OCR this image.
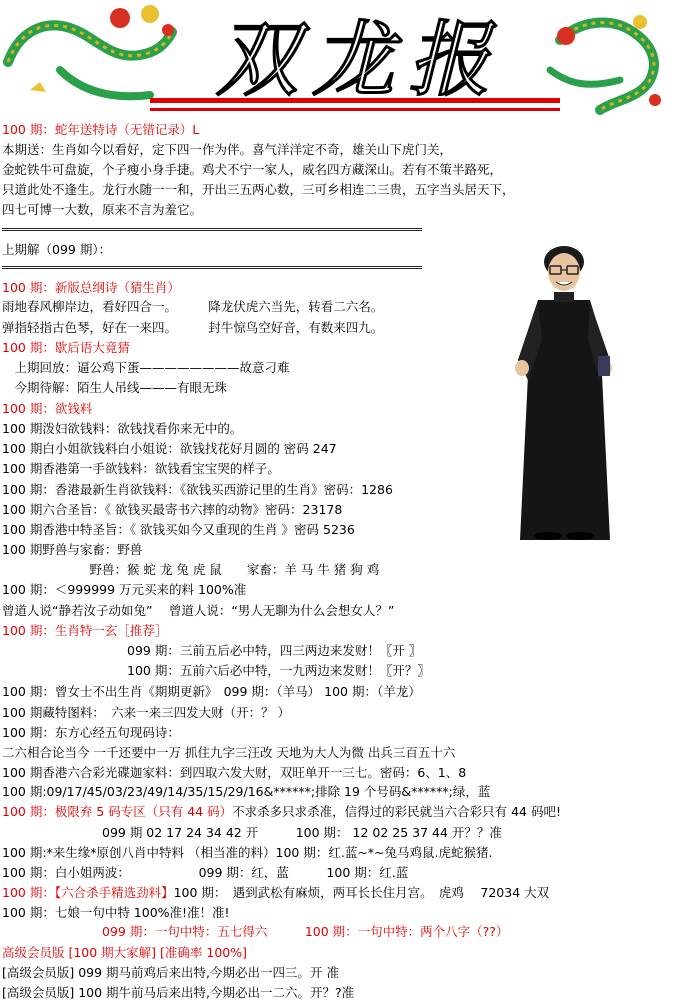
双龙报
100 期：蛇年送特诗（无错记录）L
本期送：生肖如今以看好，定下四一作为伴。喜气洋洋定不奇，雄关山下虎门关，
金蛇铁牛可盘旋，个子瘦小身手捷。鸡犬不宁一家人，威名四方藏深山。若有不策半路死，
只道此处不逢生。龙行水随一一和，开出三五两心数，三可乡相连二三贵，五字当头居天下，
四七可博一大数，原来不言为羞它。
上期解（099 期）：
100 期：新版总纲诗（猜生肖）
雨地春风柳岸边，看好四合一。　　　降龙伏虎六当先，转看二六名。
弹指轻指古色琴，好在一来四。　　　封牛惊鸟空好音，有数来四九。
100 期：歇后语大竟猜
　上期回放：逼公鸡下蛋————————故意刁难
　今期待解：陌生人吊线———有眼无珠
100 期：欲钱料
100 期泼妇欲钱料：欲钱找看你来无中的。
100 期白小姐欲钱料白小姐说：欲钱找花好月圆的 密码 247
100 期香港第一手欲钱料：欲钱看宝宝哭的样子。
100 期：香港最新生肖欲钱料：《欲钱买西游记里的生肖》密码：1286
100 期六合圣旨：《 欲钱买最寄书六摔的动物》密码：23178
100 期香港中特圣旨：《 欲钱买如今又重现的生肖 》密码 5236
100 期野兽与家畜：野兽
　　　　　　　野兽：猴 蛇 龙 兔 虎 鼠　　家畜：羊 马 牛 猪 狗 鸡
100 期：＜999999 万元买来的料 100%准
曾道人说“静若汝子动如兔”　 曾道人说：“男人无聊为什么会想女人？”
100 期：生肖特一玄［推荐］
　　　　　　　　　　099 期：三前五后必中特，四三两边来发财！〖开 〗
　　　　　　　　　　100 期：五前六后必中特，一九两边来发财！〖开？〗
100 期：曾女士不出生肖《期期更新》　099 期：（羊马） 100 期：（羊龙）
100 期藏特图料：　六来一来三四发大财（开：？ ）
100 期：东方心经五句现码诗：
二六相合论当今 一千还要中一万 抓住九字三汪改 天地为大人为微 出兵三百五十六
100 期香港六合彩光碟迦家料：到四取六发大财，双旺单开一三七。密码：6、1、8
100 期:09/17/45/03/23/49/14/35/15/29/16&******;排除 19 个号码&******;绿，蓝
100 期：极限弃 5 码专区（只有 44 码）不求杀多只求杀准，信得过的彩民就当六合彩只有 44 码吧!
　　　　　　　　099 期 02 17 24 34 42 开　　　100 期： 12 02 25 37 44 开？？准
100 期:*来生缘*原创八肖中特料 （相当准的料）100 期：红.蓝~*~兔马鸡鼠.虎蛇猴猪.
100 期：白小姐两波：　　　　　　099 期：红，蓝　　　100 期：红.蓝
100 期：【六合杀手精选劲料】100 期：　遇到武松有麻烦，两耳长长住月宫。　虎鸡　 72034 大双
100 期：七娘一句中特 100%准!准！准!
　　　　　　　　099 期：一句中特：五七得六　　　100 期：一句中特：两个八字（??）
高级会员版 [100 期大家解] [准确率 100%]
[高级会员版] 099 期马前鸡后来出特,今期必出一四三。开 准
[高级会员版] 100 期牛前马后来出特,今期必出一二六。开？?准
